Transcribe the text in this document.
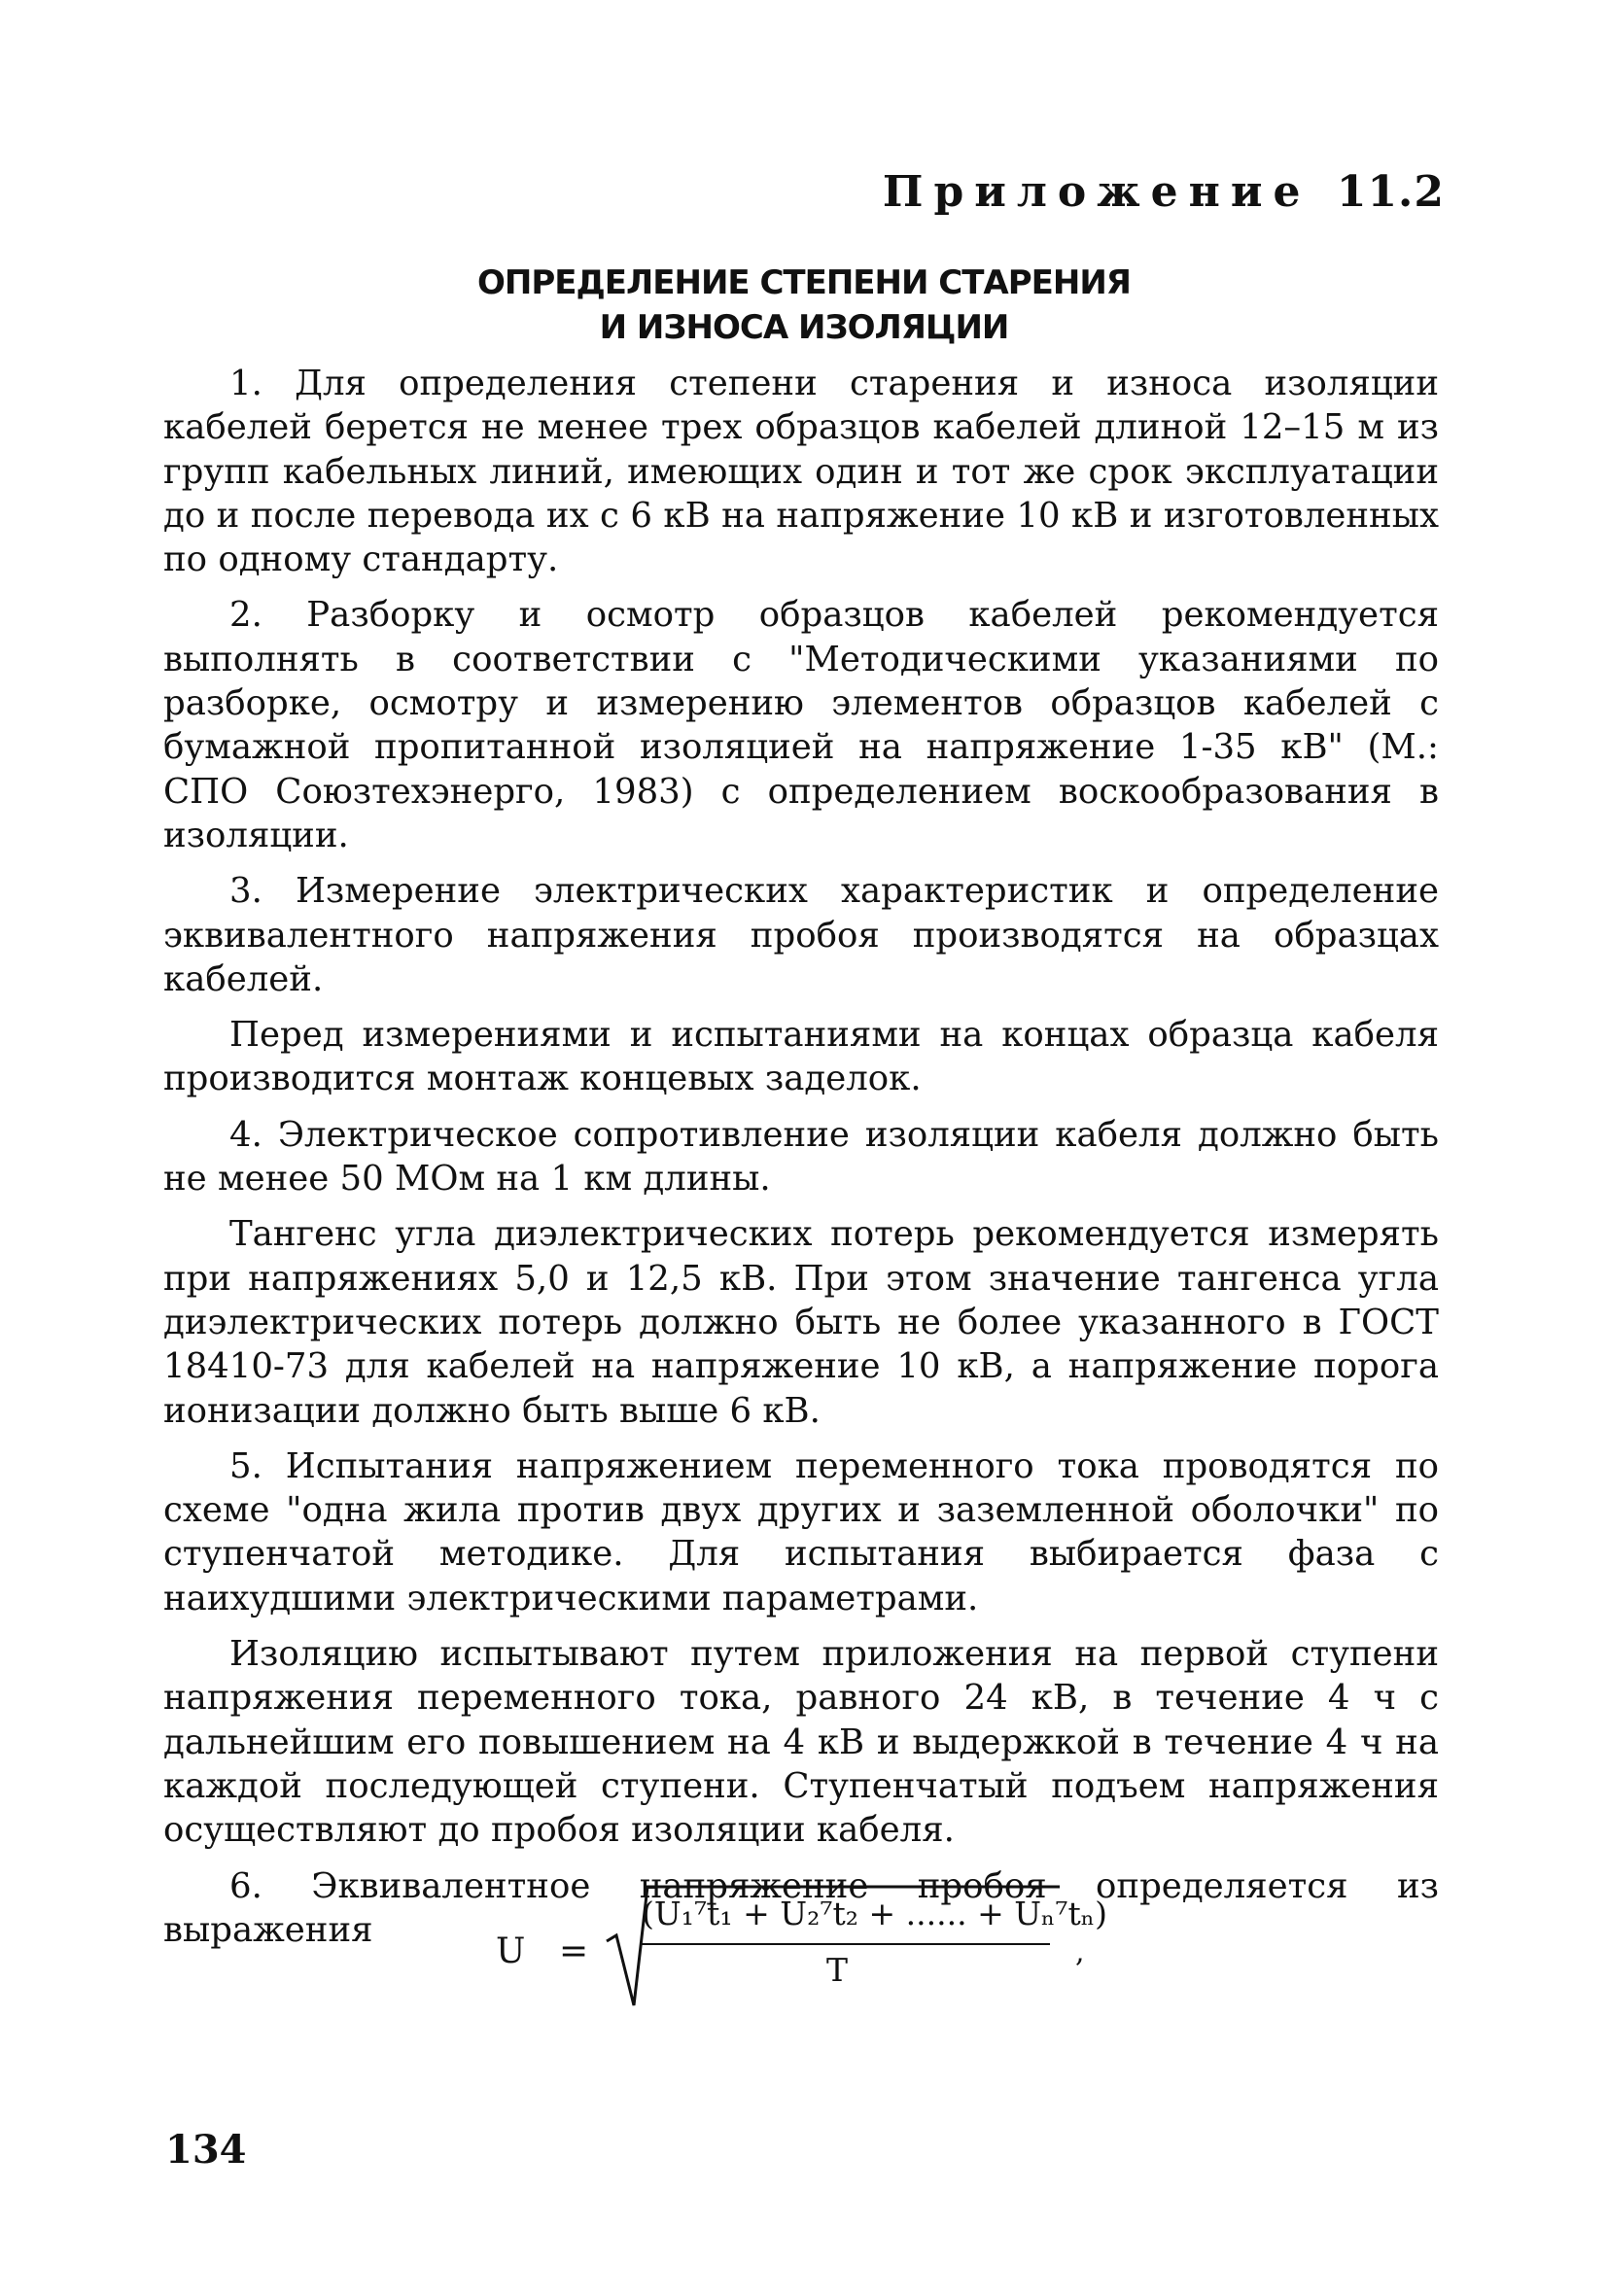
Приложение 11.2
ОПРЕДЕЛЕНИЕ СТЕПЕНИ СТАРЕНИЯ
И ИЗНОСА ИЗОЛЯЦИИ

1. Для определения степени старения и износа изоляции кабелей берется не менее трех образцов кабелей длиной 12–15 м из групп кабельных линий, имеющих один и тот же срок эксплуатации до и после перевода их с 6 кВ на напряжение 10 кВ и изготовленных по одному стандарту.

2. Разборку и осмотр образцов кабелей рекомендуется выполнять в соответствии с "Методическими указаниями по разборке, осмотру и измерению элементов образцов кабелей с бумажной пропитанной изоляцией на напряжение 1-35 кВ" (М.: СПО Союзтехэнерго, 1983) с определением воскообразования в изоляции.

3. Измерение электрических характеристик и определение эквивалентного напряжения пробоя производятся на образцах кабелей.

Перед измерениями и испытаниями на концах образца кабеля производится монтаж концевых заделок.

4. Электрическое сопротивление изоляции кабеля должно быть не менее 50 МОм на 1 км длины.

Тангенс угла диэлектрических потерь рекомендуется измерять при напряжениях 5,0 и 12,5 кВ. При этом значение тангенса угла диэлектрических потерь должно быть не более указанного в ГОСТ 18410-73 для кабелей на напряжение 10 кВ, а напряжение порога ионизации должно быть выше 6 кВ.

5. Испытания напряжением переменного тока проводятся по схеме "одна жила против двух других и заземленной оболочки" по ступенчатой методике. Для испытания выбирается фаза с наихудшими электрическими параметрами.

Изоляцию испытывают путем приложения на первой ступени напряжения переменного тока, равного 24 кВ, в течение 4 ч с дальнейшим его повышением на 4 кВ и выдержкой в течение 4 ч на каждой последующей ступени. Ступенчатый подъем напряжения осуществляют до пробоя изоляции кабеля.

6. Эквивалентное напряжение пробоя определяется из выражения

U =
(U₁⁷t₁ + U₂⁷t₂ + ...... + Uₙ⁷tₙ)
T	,
134
